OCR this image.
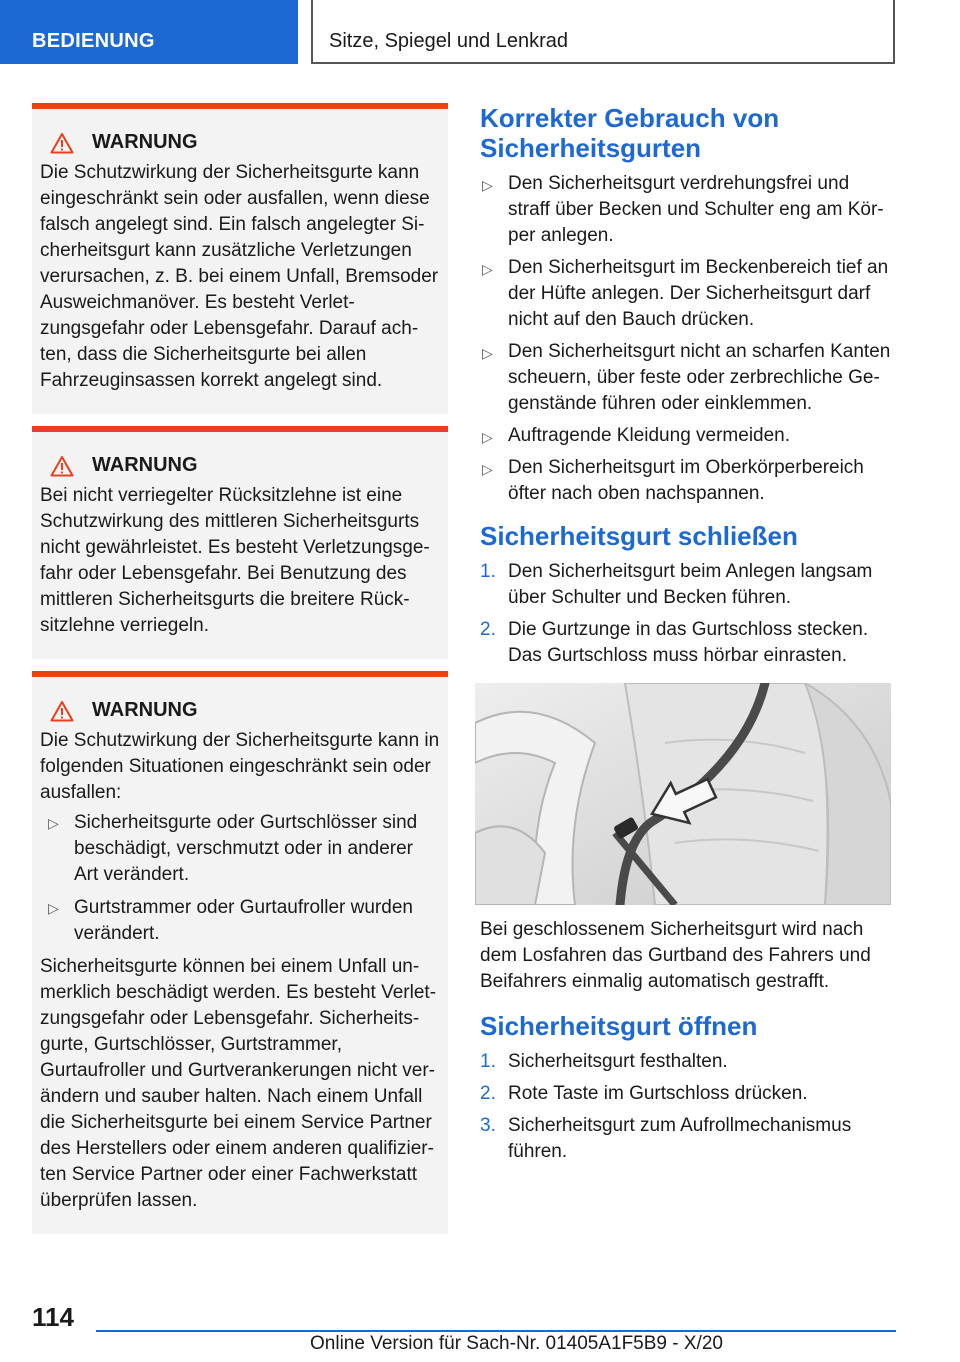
BEDIENUNG	Sitze, Spiegel und Lenkrad
WARNUNG

Die Schutzwirkung der Sicherheitsgurte kann eingeschränkt sein oder ausfallen, wenn diese falsch angelegt sind. Ein falsch angelegter Sicherheitsgurt kann zusätzliche Verletzungen verursachen, z. B. bei einem Unfall, Bremsoder Ausweichmanöver. Es besteht Verletzungsgefahr oder Lebensgefahr. Darauf achten, dass die Sicherheitsgurte bei allen Fahrzeuginsassen korrekt angelegt sind.

WARNUNG

Bei nicht verriegelter Rücksitzlehne ist eine Schutzwirkung des mittleren Sicherheitsgurts nicht gewährleistet. Es besteht Verletzungsgefahr oder Lebensgefahr. Bei Benutzung des mittleren Sicherheitsgurts die breitere Rücksitzlehne verriegeln.

WARNUNG

Die Schutzwirkung der Sicherheitsgurte kann in folgenden Situationen eingeschränkt sein oder ausfallen:

▷ Sicherheitsgurte oder Gurtschlösser sind beschädigt, verschmutzt oder in anderer Art verändert.
▷ Gurtstrammer oder Gurtaufroller wurden verändert.

Sicherheitsgurte können bei einem Unfall unmerklich beschädigt werden. Es besteht Verletzungsgefahr oder Lebensgefahr. Sicherheitsgurte, Gurtschlösser, Gurtstrammer, Gurtaufroller und Gurtverankerungen nicht verändern und sauber halten. Nach einem Unfall die Sicherheitsgurte bei einem Service Partner des Herstellers oder einem anderen qualifizierten Service Partner oder einer Fachwerkstatt überprüfen lassen.

Korrekter Gebrauch von Sicherheitsgurten
▷ Den Sicherheitsgurt verdrehungsfrei und straff über Becken und Schulter eng am Körper anlegen.
▷ Den Sicherheitsgurt im Beckenbereich tief an der Hüfte anlegen. Der Sicherheitsgurt darf nicht auf den Bauch drücken.
▷ Den Sicherheitsgurt nicht an scharfen Kanten scheuern, über feste oder zerbrechliche Gegenstände führen oder einklemmen.
▷ Auftragende Kleidung vermeiden.
▷ Den Sicherheitsgurt im Oberkörperbereich öfter nach oben nachspannen.
Sicherheitsgurt schließen
1. Den Sicherheitsgurt beim Anlegen langsam über Schulter und Becken führen.
2. Die Gurtzunge in das Gurtschloss stecken. Das Gurtschloss muss hörbar einrasten.

Bei geschlossenem Sicherheitsgurt wird nach dem Losfahren das Gurtband des Fahrers und Beifahrers einmalig automatisch gestrafft.

Sicherheitsgurt öffnen
1. Sicherheitsgurt festhalten.
2. Rote Taste im Gurtschloss drücken.
3. Sicherheitsgurt zum Aufrollmechanismus führen.
114
Online Version für Sach-Nr. 01405A1F5B9 - X/20
